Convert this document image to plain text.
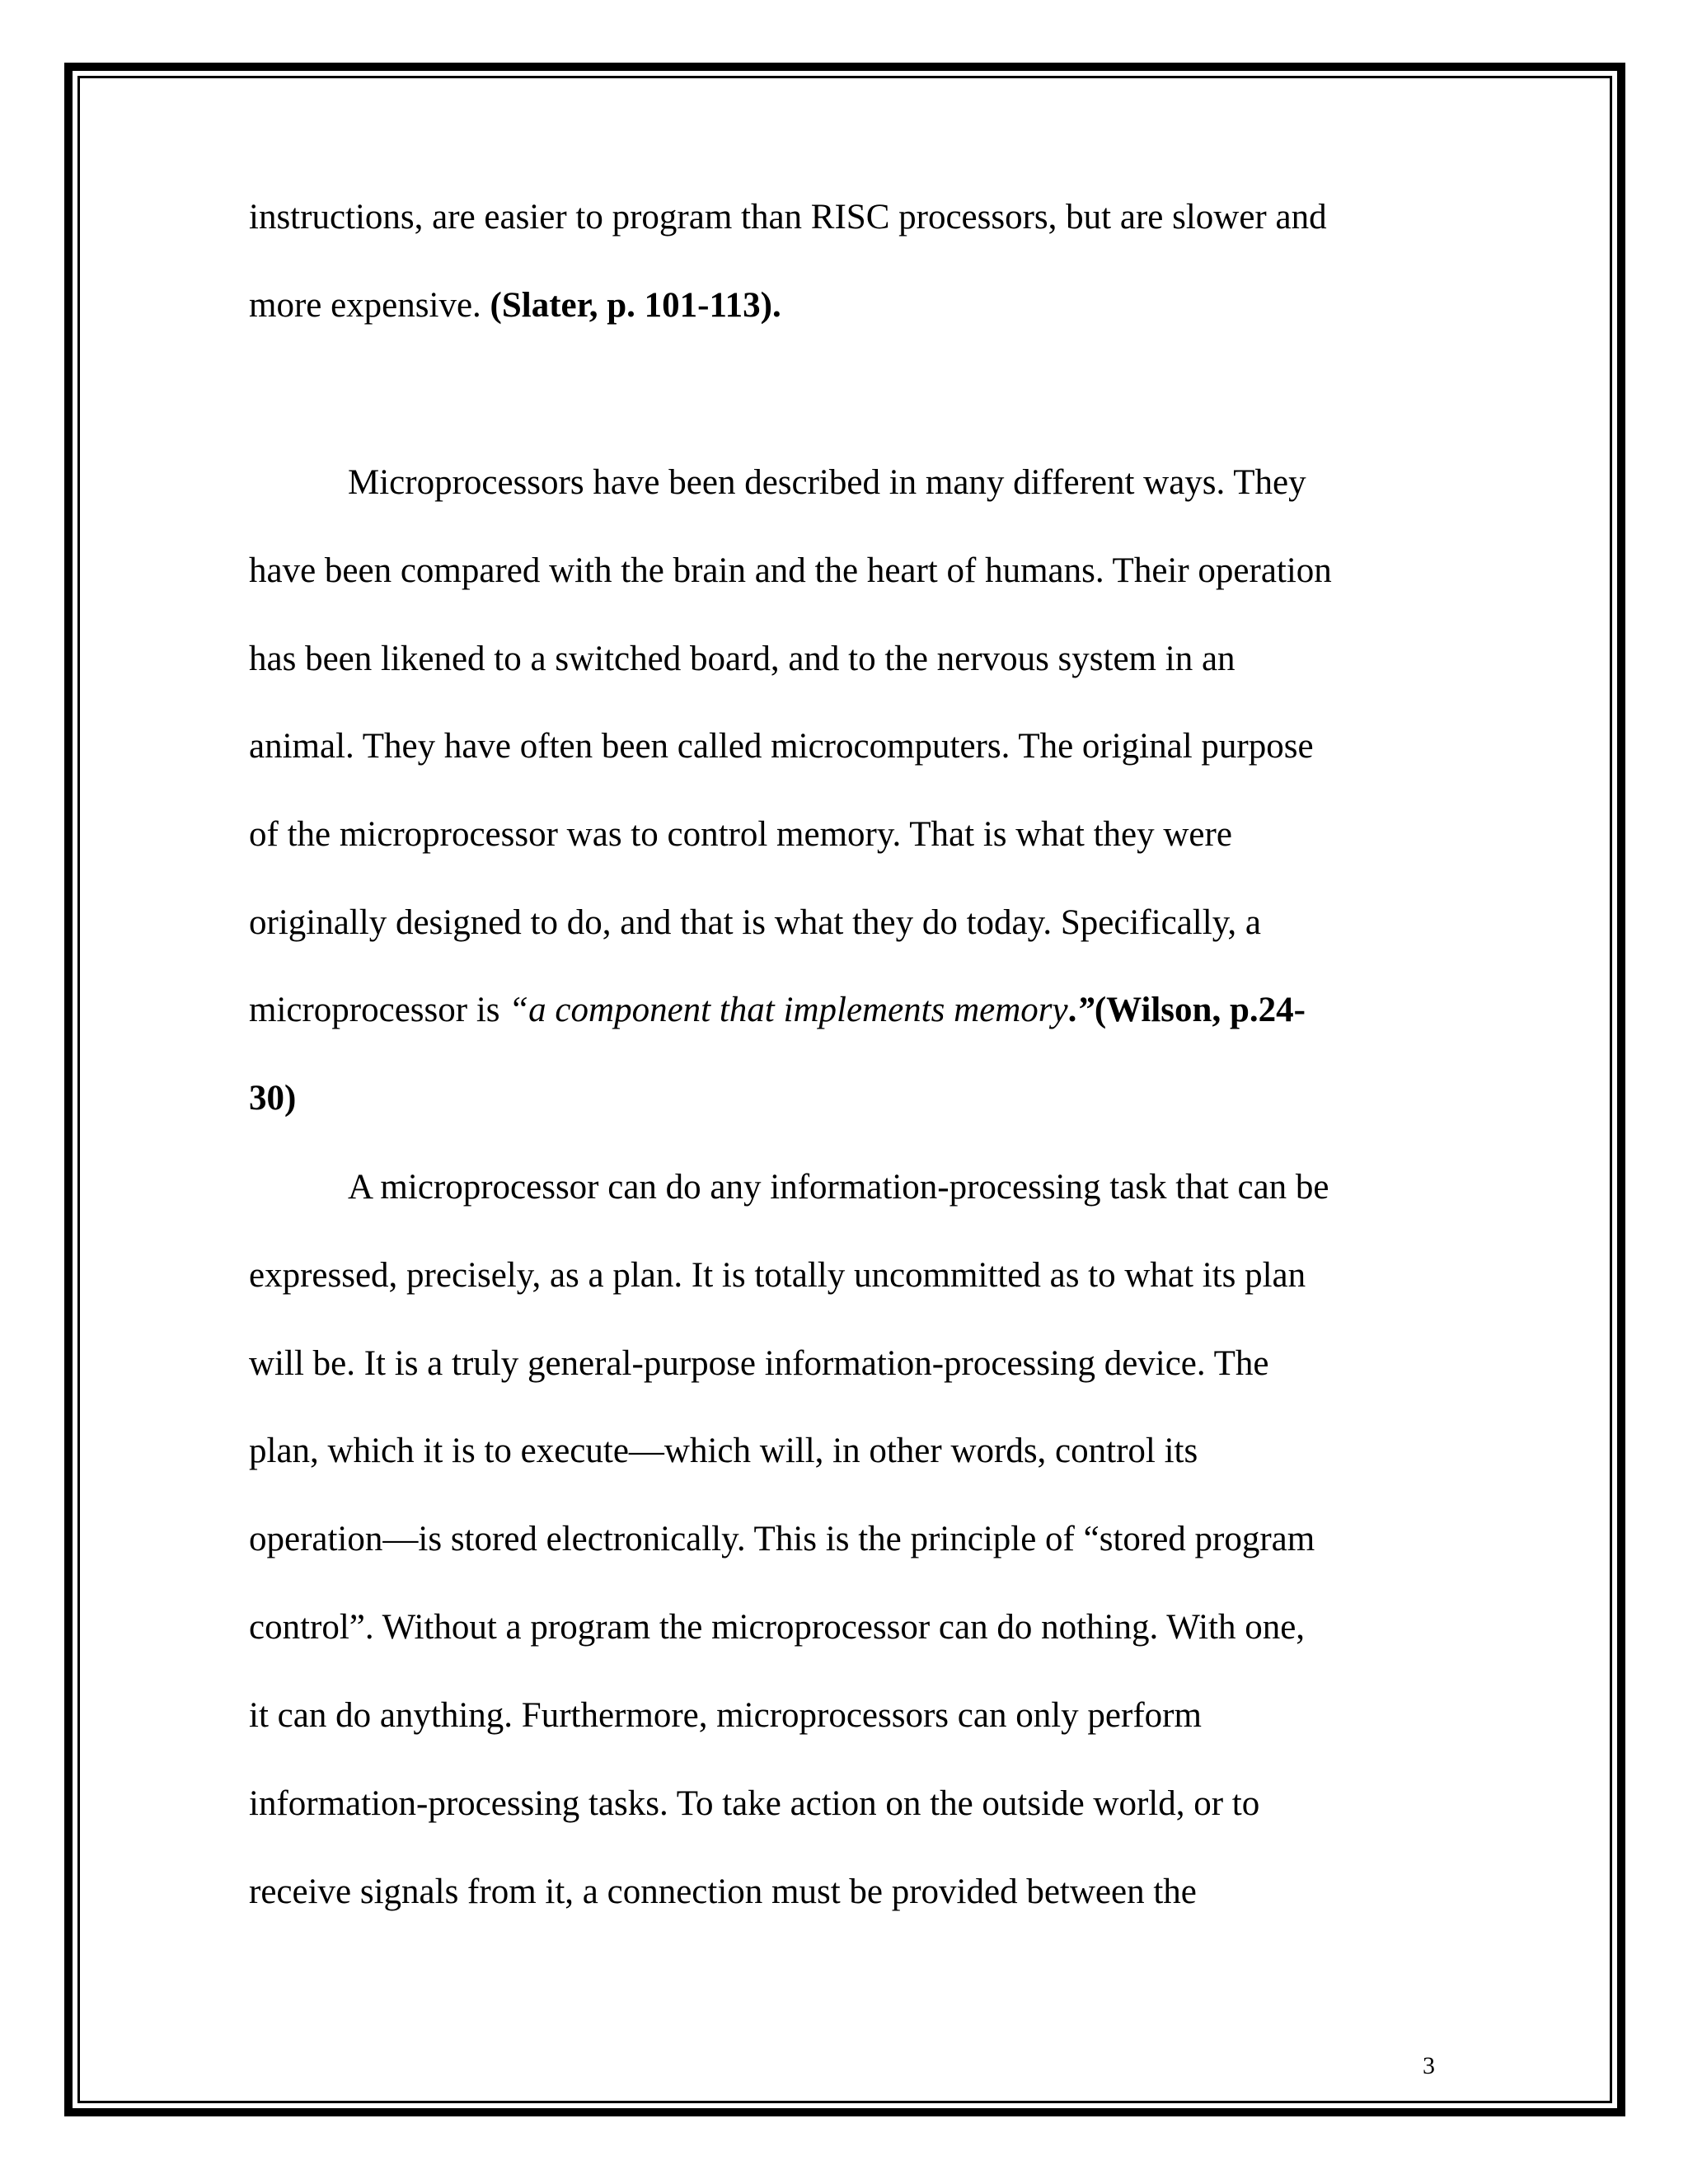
instructions, are easier to program than RISC processors, but are slower and
more expensive. (Slater, p. 101-113).
Microprocessors have been described in many different ways. They
have been compared with the brain and the heart of humans. Their operation
has been likened to a switched board, and to the nervous system in an
animal. They have often been called microcomputers. The original purpose
of the microprocessor was to control memory. That is what they were
originally designed to do, and that is what they do today. Specifically, a
microprocessor is “a component that implements memory.”(Wilson, p.24-
30)
A microprocessor can do any information-processing task that can be
expressed, precisely, as a plan. It is totally uncommitted as to what its plan
will be. It is a truly general-purpose information-processing device. The
plan, which it is to execute—which will, in other words, control its
operation—is stored electronically. This is the principle of “stored program
control”. Without a program the microprocessor can do nothing. With one,
it can do anything. Furthermore, microprocessors can only perform
information-processing tasks. To take action on the outside world, or to
receive signals from it, a connection must be provided between the
3
